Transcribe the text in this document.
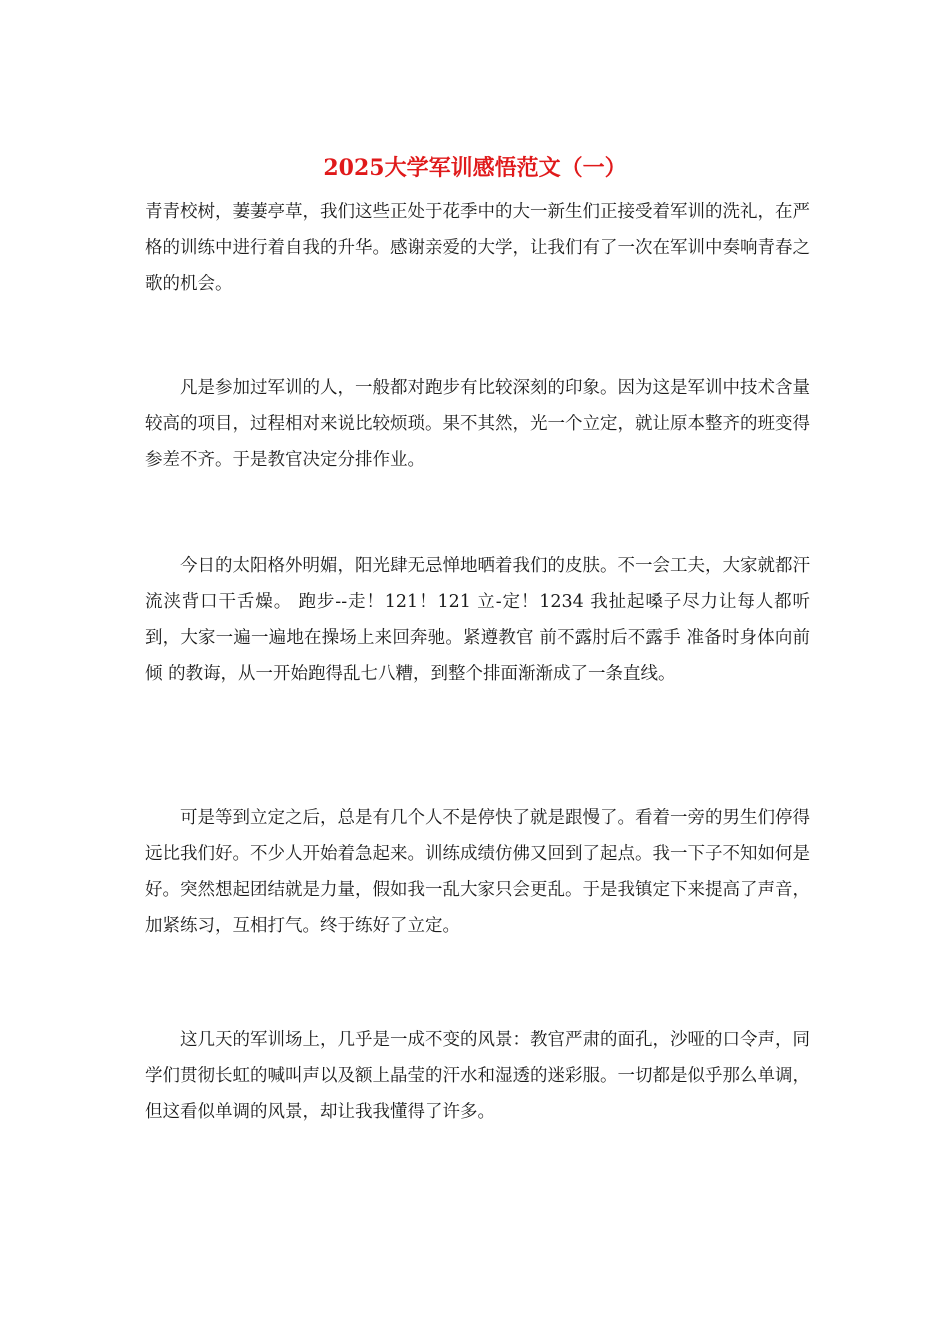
2025大学军训感悟范文（一）

青青校树，萋萋亭草，我们这些正处于花季中的大一新生们正接受着军训的洗礼，在严格的训练中进行着自我的升华。感谢亲爱的大学，让我们有了一次在军训中奏响青春之歌的机会。

凡是参加过军训的人，一般都对跑步有比较深刻的印象。因为这是军训中技术含量较高的项目，过程相对来说比较烦琐。果不其然，光一个立定，就让原本整齐的班变得参差不齐。于是教官决定分排作业。

今日的太阳格外明媚，阳光肆无忌惮地晒着我们的皮肤。不一会工夫，大家就都汗流浃背口干舌燥。 跑步--走！121！121 立-定！1234 我扯起嗓子尽力让每人都听到，大家一遍一遍地在操场上来回奔驰。紧遵教官 前不露肘后不露手 准备时身体向前倾 的教诲，从一开始跑得乱七八糟，到整个排面渐渐成了一条直线。

可是等到立定之后，总是有几个人不是停快了就是跟慢了。看着一旁的男生们停得远比我们好。不少人开始着急起来。训练成绩仿佛又回到了起点。我一下子不知如何是好。突然想起团结就是力量，假如我一乱大家只会更乱。于是我镇定下来提高了声音，加紧练习，互相打气。终于练好了立定。

这几天的军训场上，几乎是一成不变的风景：教官严肃的面孔，沙哑的口令声，同学们贯彻长虹的喊叫声以及额上晶莹的汗水和湿透的迷彩服。一切都是似乎那么单调，但这看似单调的风景，却让我我懂得了许多。
